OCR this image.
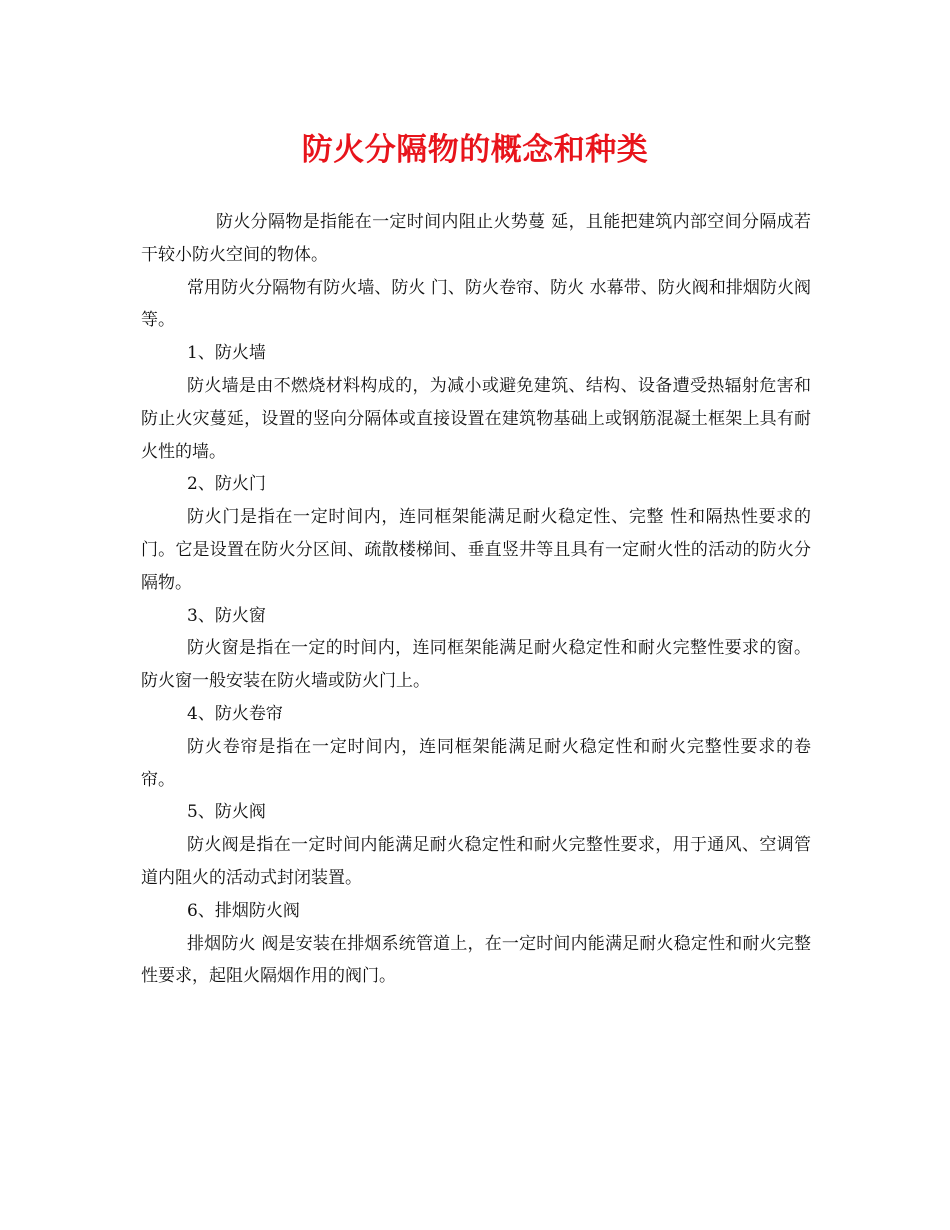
防火分隔物的概念和种类

防火分隔物是指能在一定时间内阻止火势蔓 延，且能把建筑内部空间分隔成若干较小防火空间的物体。

常用防火分隔物有防火墙、防火 门、防火卷帘、防火 水幕带、防火阀和排烟防火阀等。

1、防火墙

防火墙是由不燃烧材料构成的，为减小或避免建筑、结构、设备遭受热辐射危害和防止火灾蔓延，设置的竖向分隔体或直接设置在建筑物基础上或钢筋混凝土框架上具有耐火性的墙。

2、防火门

防火门是指在一定时间内，连同框架能满足耐火稳定性、完整 性和隔热性要求的门。它是设置在防火分区间、疏散楼梯间、垂直竖井等且具有一定耐火性的活动的防火分隔物。

3、防火窗

防火窗是指在一定的时间内，连同框架能满足耐火稳定性和耐火完整性要求的窗。防火窗一般安装在防火墙或防火门上。

4、防火卷帘

防火卷帘是指在一定时间内，连同框架能满足耐火稳定性和耐火完整性要求的卷帘。

5、防火阀

防火阀是指在一定时间内能满足耐火稳定性和耐火完整性要求，用于通风、空调管道内阻火的活动式封闭装置。

6、排烟防火阀

排烟防火 阀是安装在排烟系统管道上，在一定时间内能满足耐火稳定性和耐火完整性要求，起阻火隔烟作用的阀门。
